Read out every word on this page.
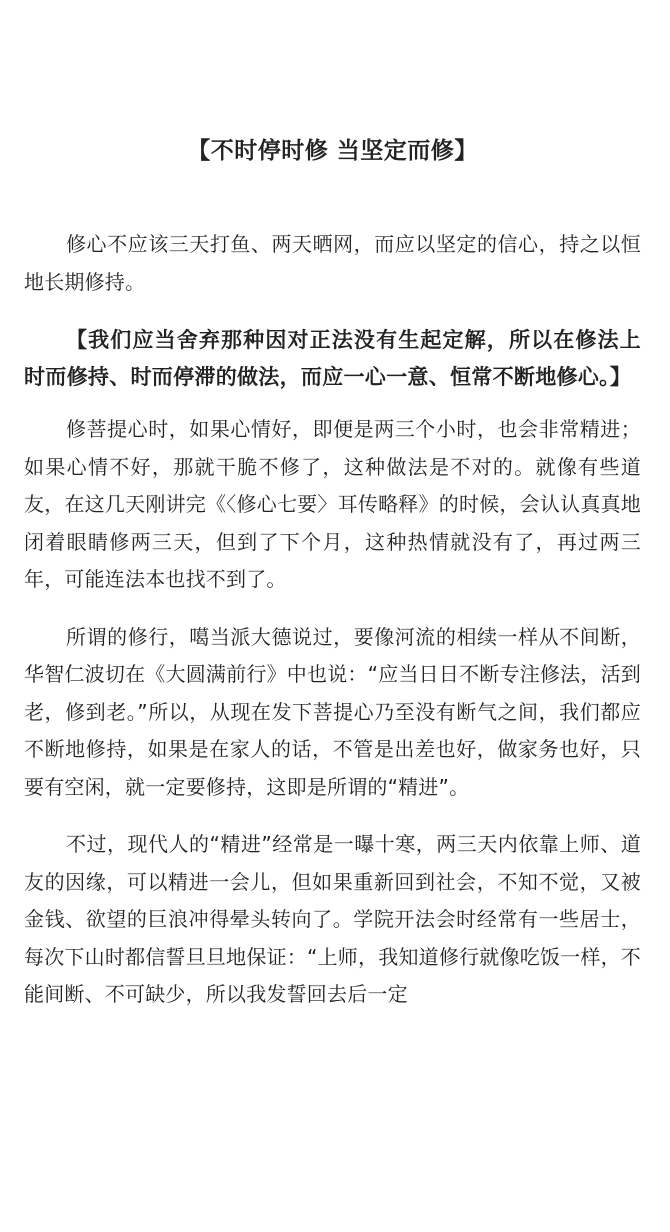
【不时停时修 当坚定而修】

修心不应该三天打鱼、两天晒网，而应以坚定的信心，持之以恒地长期修持。

【我们应当舍弃那种因对正法没有生起定解，所以在修法上时而修持、时而停滞的做法，而应一心一意、恒常不断地修心。】

修菩提心时，如果心情好，即便是两三个小时，也会非常精进；如果心情不好，那就干脆不修了，这种做法是不对的。就像有些道友，在这几天刚讲完《〈修心七要〉耳传略释》的时候，会认认真真地闭着眼睛修两三天，但到了下个月，这种热情就没有了，再过两三年，可能连法本也找不到了。

所谓的修行，噶当派大德说过，要像河流的相续一样从不间断，华智仁波切在《大圆满前行》中也说：“应当日日不断专注修法，活到老，修到老。”所以，从现在发下菩提心乃至没有断气之间，我们都应不断地修持，如果是在家人的话，不管是出差也好，做家务也好，只要有空闲，就一定要修持，这即是所谓的“精进”。

不过，现代人的“精进”经常是一曝十寒，两三天内依靠上师、道友的因缘，可以精进一会儿，但如果重新回到社会，不知不觉，又被金钱、欲望的巨浪冲得晕头转向了。学院开法会时经常有一些居士，每次下山时都信誓旦旦地保证：“上师，我知道修行就像吃饭一样，不能间断、不可缺少，所以我发誓回去后一定
